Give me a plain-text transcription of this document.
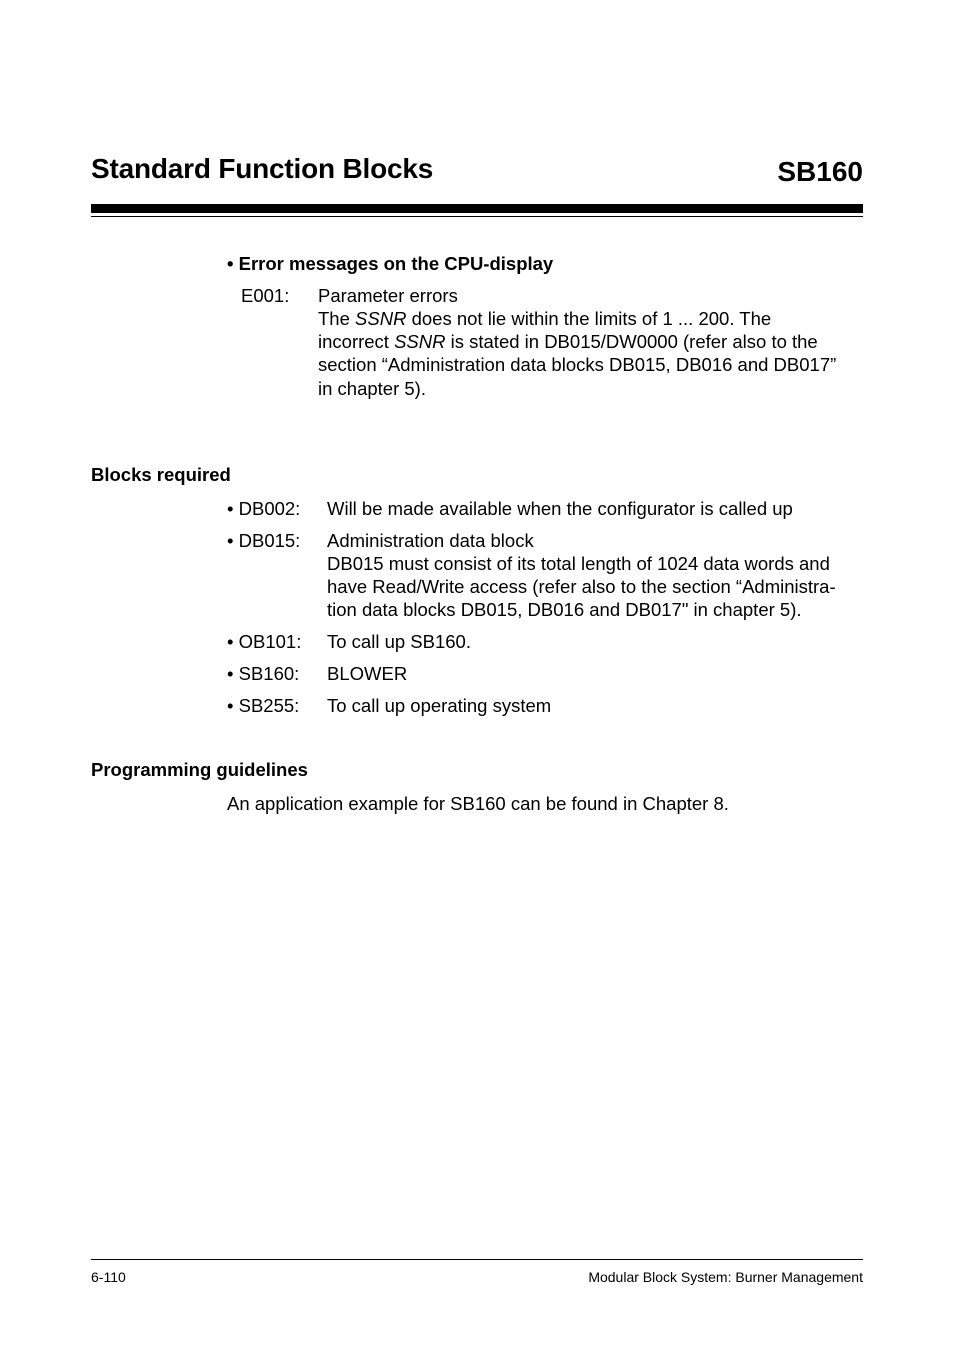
Standard Function Blocks	SB160
• Error messages on the CPU-display
E001: Parameter errors
The SSNR does not lie within the limits of 1 ... 200. The
incorrect SSNR is stated in DB015/DW0000 (refer also to the
section “Administration data blocks DB015, DB016 and DB017”
in chapter 5).
Blocks required
• DB002: Will be made available when the configurator is called up
• DB015: Administration data block
DB015 must consist of its total length of 1024 data words and
have Read/Write access (refer also to the section “Administra-
tion data blocks DB015, DB016 and DB017" in chapter 5).
• OB101: To call up SB160.
• SB160: BLOWER
• SB255: To call up operating system
Programming guidelines
An application example for SB160 can be found in Chapter 8.
6-110	Modular Block System: Burner Management
